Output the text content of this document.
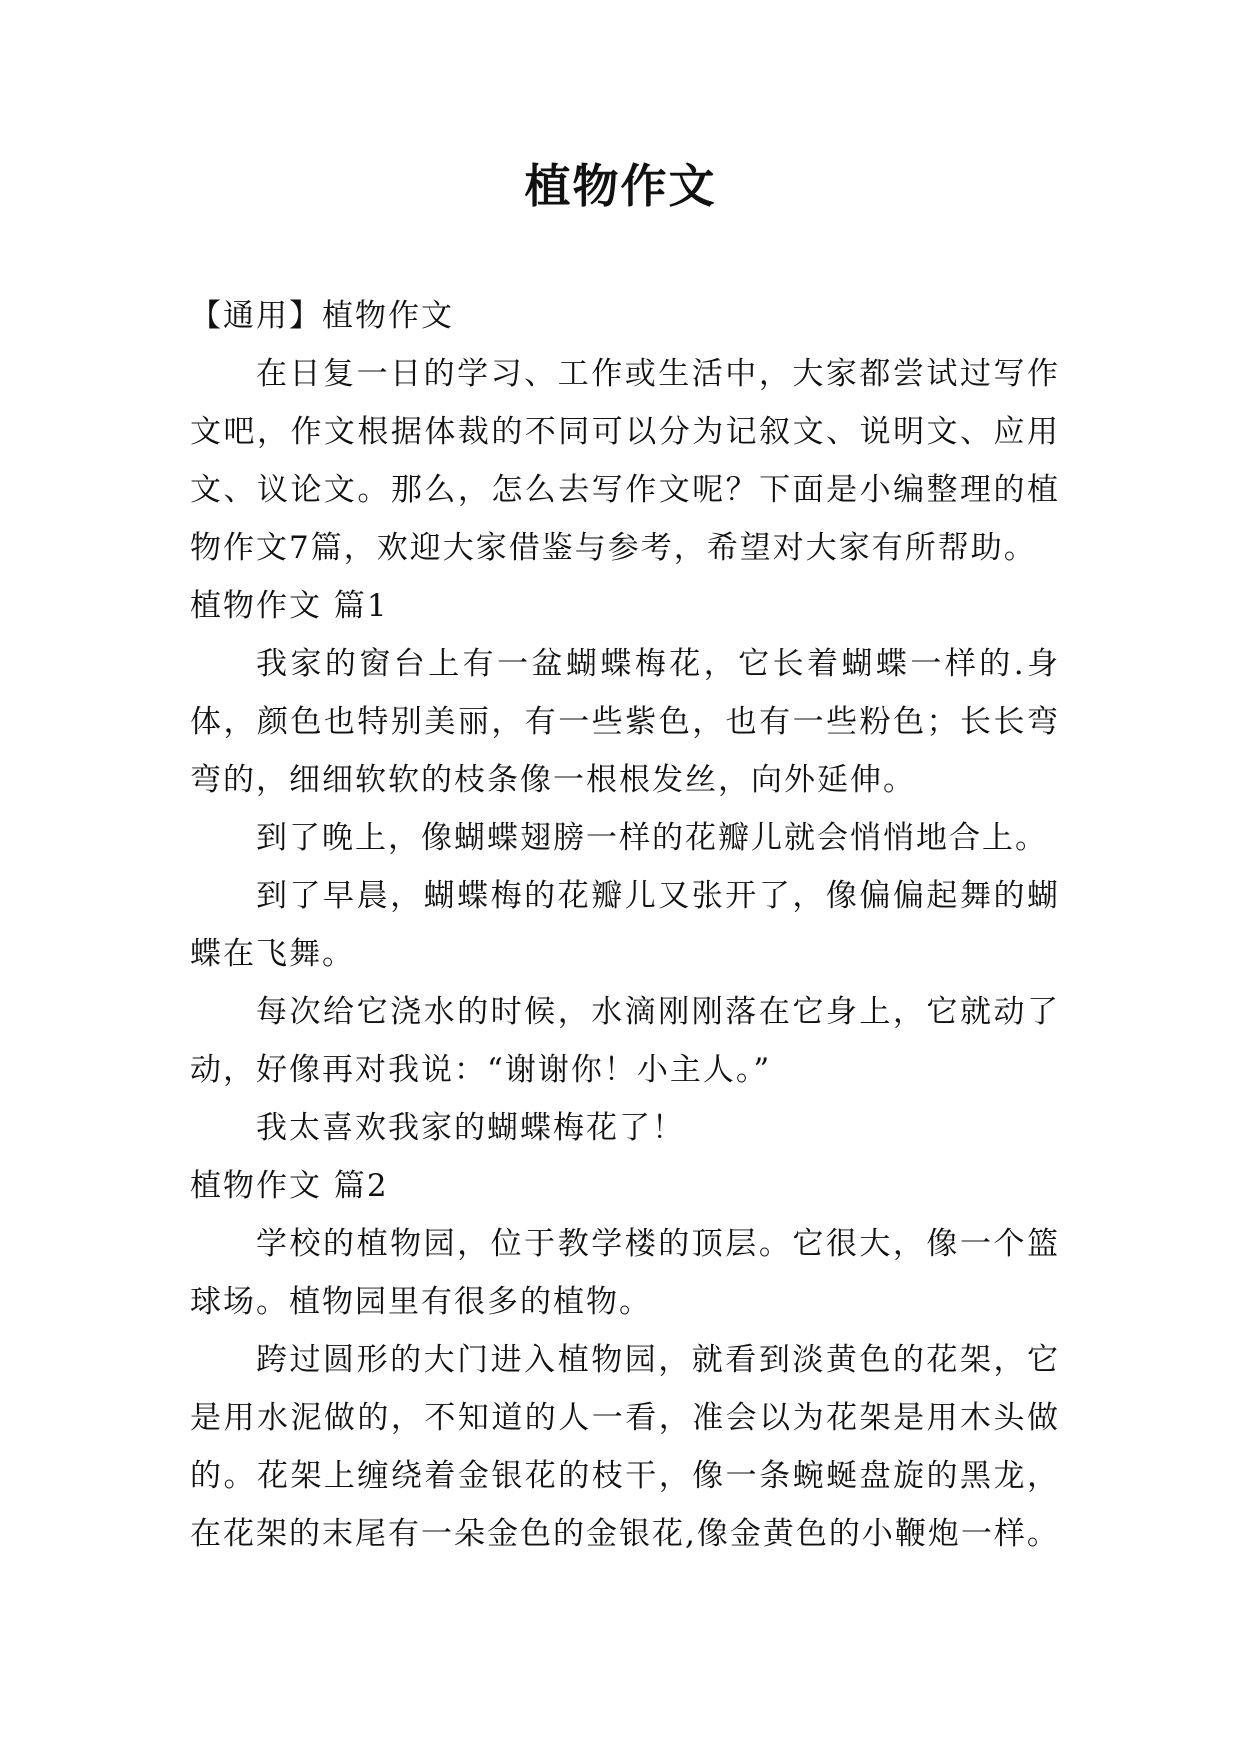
植物作文

【通用】植物作文

在日复一日的学习、工作或生活中，大家都尝试过写作文吧，作文根据体裁的不同可以分为记叙文、说明文、应用文、议论文。那么，怎么去写作文呢？下面是小编整理的植物作文7篇，欢迎大家借鉴与参考，希望对大家有所帮助。

植物作文 篇1

我家的窗台上有一盆蝴蝶梅花，它长着蝴蝶一样的.身体，颜色也特别美丽，有一些紫色，也有一些粉色；长长弯弯的，细细软软的枝条像一根根发丝，向外延伸。

到了晚上，像蝴蝶翅膀一样的花瓣儿就会悄悄地合上。

到了早晨，蝴蝶梅的花瓣儿又张开了，像偏偏起舞的蝴蝶在飞舞。

每次给它浇水的时候，水滴刚刚落在它身上，它就动了动，好像再对我说：“谢谢你！小主人。”

我太喜欢我家的蝴蝶梅花了！

植物作文 篇2

学校的植物园，位于教学楼的顶层。它很大，像一个篮球场。植物园里有很多的植物。

跨过圆形的大门进入植物园，就看到淡黄色的花架，它是用水泥做的，不知道的人一看，准会以为花架是用木头做的。花架上缠绕着金银花的枝干，像一条蜿蜒盘旋的黑龙，在花架的末尾有一朵金色的金银花,像金黄色的小鞭炮一样。
